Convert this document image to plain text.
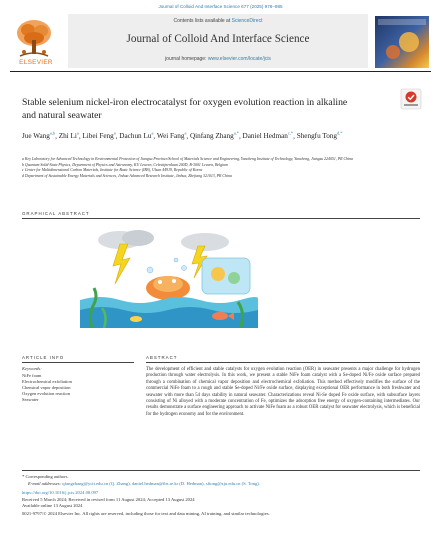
Journal of Colloid And Interface Science 677 (2025) 976–985
ELSEVIER
Contents lists available at ScienceDirect
Journal of Colloid And Interface Science
journal homepage: www.elsevier.com/locate/jcis
Stable selenium nickel-iron electrocatalyst for oxygen evolution reaction in alkaline and natural seawater
Jue Wang$^{a,b}$, Zhi Li$^a$, Libei Feng$^a$, Dachun Lu$^a$, Wei Fang$^a$, Qinfang Zhang$^{a,*}$, Daniel Hedman$^{c,*}$, Shengfu Tong$^{d,*}$
a Key Laboratory for Advanced Technology in Environmental Protection of Jiangsu Province/School of Materials Science and Engineering, Yancheng Institute of Technology, Yancheng, Jiangsu 224051, PR China
b Quantum Solid-State Physics, Department of Physics and Astronomy, KU Leuven, Celestijnenlaan 200D, B-3001 Leuven, Belgium
c Center for Multidimensional Carbon Materials, Institute for Basic Science (IBS), Ulsan 44919, Republic of Korea
d Department of Sustainable Energy Materials and Sciences, Jinhua Advanced Research Institute, Jinhua, Zhejiang 321013, PR China
GRAPHICAL ABSTRACT
ARTICLE INFO
Keywords:
NiFe foam
Electrochemical exfoliation
Chemical vapor deposition
Oxygen evolution reaction
Seawater
ABSTRACT
The development of efficient and stable catalysts for oxygen evolution reaction (OER) in seawater presents a major challenge for hydrogen production through water electrolysis. In this work, we present a stable NiFe foam catalyst with a Se-doped Ni/Fe oxide surface prepared through a combination of chemical vapor deposition and electrochemical exfoliation. This method effectively modifies the surface of the commercial NiFe foam to a rough and stable Se-doped Ni/Fe oxide surface, displaying exceptional OER performance in both freshwater and seawater with more than 54 days stability in natural seawater. Characterizations reveal Ni-Se doped Fe oxide surface, with subsurface layers consisting of Ni alloyed with a moderate concentration of Fe, optimizes the adsorption free energy of oxygen-containing intermediates. Our results demonstrate a surface engineering approach to activate NiFe foam as a robust OER catalyst for seawater electrolysis, which is beneficial for the hydrogen economy and for the environment.
* Corresponding authors.
E-mail addresses: qfangzhang@ycit.edu.cn (Q. Zhang), daniel.hedman@ibs.re.kr (D. Hedman), sftong@zju.edu.cn (S. Tong).
https://doi.org/10.1016/j.jcis.2024.08.097
Received 5 March 2024; Received in revised form 11 August 2024; Accepted 13 August 2024
Available online 13 August 2024
0021-9797/© 2024 Elsevier Inc. All rights are reserved, including those for text and data mining, AI training, and similar technologies.
